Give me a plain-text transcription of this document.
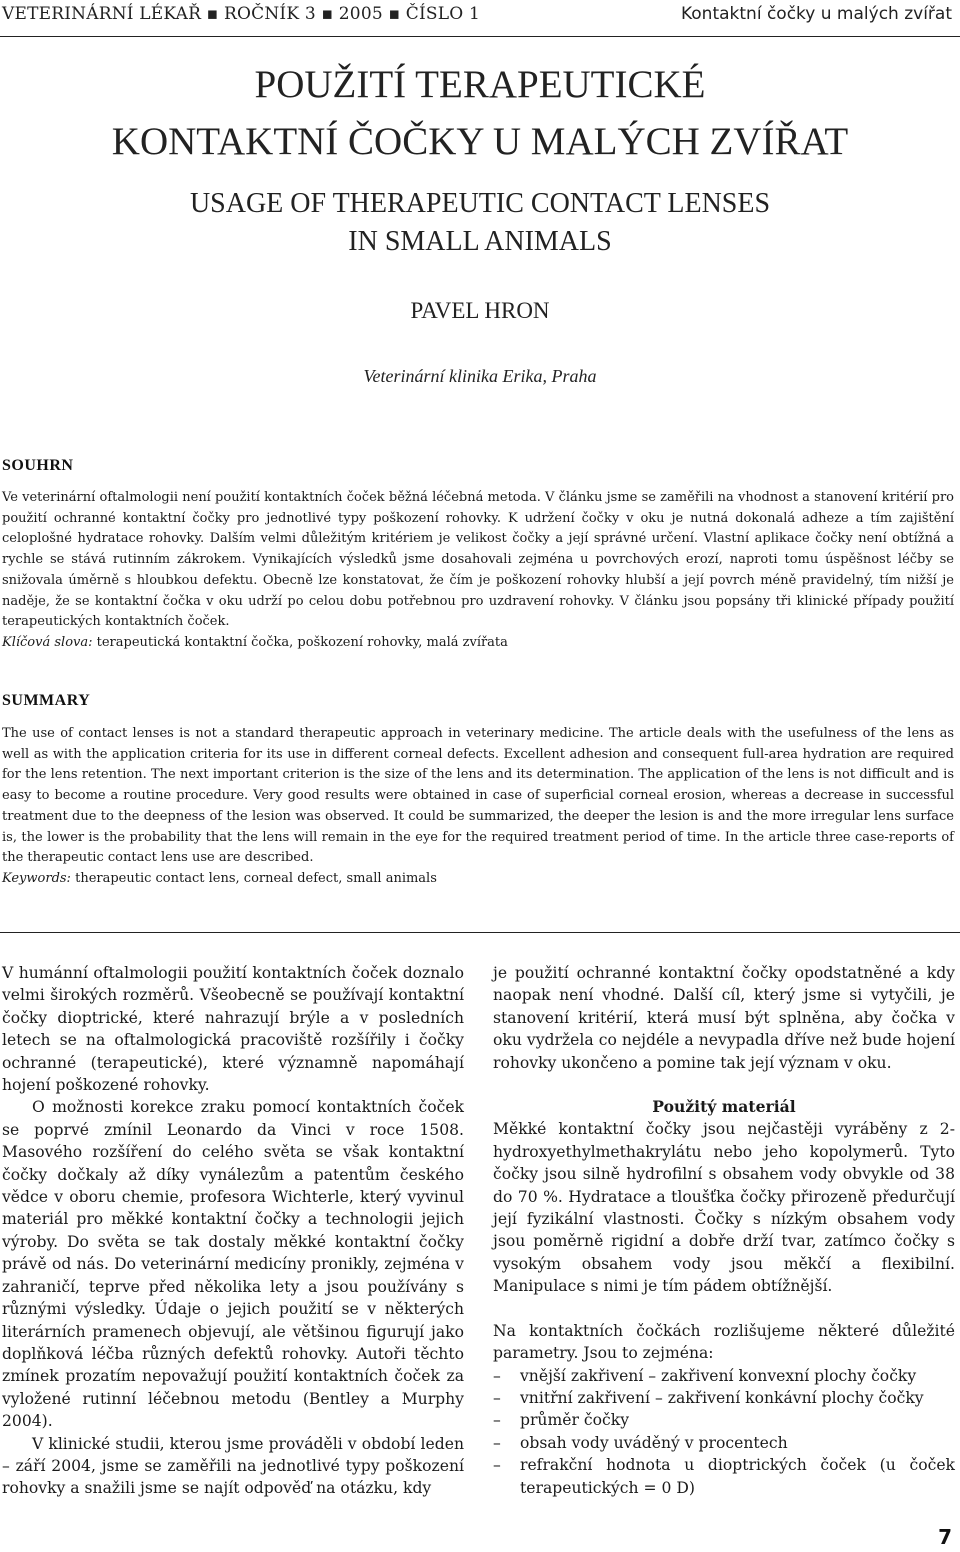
VETERINÁRNÍ LÉKAŘ ▪ ROČNÍK 3 ▪ 2005 ▪ ČÍSLO 1	Kontaktní čočky u malých zvířat
POUŽITÍ TERAPEUTICKÉ
KONTAKTNÍ ČOČKY U MALÝCH ZVÍŘAT
USAGE OF THERAPEUTIC CONTACT LENSES
IN SMALL ANIMALS
PAVEL HRON
Veterinární klinika Erika, Praha
SOUHRN

Ve veterinární oftalmologii není použití kontaktních čoček běžná léčebná metoda. V článku jsme se zaměřili na vhodnost a stanovení kritérií pro použití ochranné kontaktní čočky pro jednotlivé typy poškození rohovky. K udržení čočky v oku je nutná dokonalá adheze a tím zajištění celoplošné hydratace rohovky. Dalším velmi důležitým kritériem je velikost čočky a její správné určení. Vlastní aplikace čočky není obtížná a rychle se stává rutinním zákrokem. Vynikajících výsledků jsme dosahovali zejména u povrchových erozí, naproti tomu úspěšnost léčby se snižovala úměrně s hloubkou defektu. Obecně lze konstatovat, že čím je poškození rohovky hlubší a její povrch méně pravidelný, tím nižší je naděje, že se kontaktní čočka v oku udrží po celou dobu potřebnou pro uzdravení rohovky. V článku jsou popsány tři klinické případy použití terapeutických kontaktních čoček.

Klíčová slova: terapeutická kontaktní čočka, poškození rohovky, malá zvířata

SUMMARY

The use of contact lenses is not a standard therapeutic approach in veterinary medicine. The article deals with the usefulness of the lens as well as with the application criteria for its use in different corneal defects. Excellent adhesion and consequent full-area hydration are required for the lens retention. The next important criterion is the size of the lens and its determination. The application of the lens is not difficult and is easy to become a routine procedure. Very good results were obtained in case of superficial corneal erosion, whereas a decrease in successful treatment due to the deepness of the lesion was observed. It could be summarized, the deeper the lesion is and the more irregular lens surface is, the lower is the probability that the lens will remain in the eye for the required treatment period of time. In the article three case-reports of the therapeutic contact lens use are described.

Keywords: therapeutic contact lens, corneal defect, small animals

V humánní oftalmologii použití kontaktních čoček doznalo velmi širokých rozměrů. Všeobecně se používají kontaktní čočky dioptrické, které nahrazují brýle a v posledních letech se na oftalmologická pracoviště rozšířily i čočky ochranné (terapeutické), které významně napomáhají hojení poškozené rohovky.

O možnosti korekce zraku pomocí kontaktních čoček se poprvé zmínil Leonardo da Vinci v roce 1508. Masového rozšíření do celého světa se však kontaktní čočky dočkaly až díky vynálezům a patentům českého vědce v oboru chemie, profesora Wichterle, který vyvinul materiál pro měkké kontaktní čočky a technologii jejich výroby. Do světa se tak dostaly měkké kontaktní čočky právě od nás. Do veterinární medicíny pronikly, zejména v zahraničí, teprve před několika lety a jsou používány s různými výsledky. Údaje o jejich použití se v některých literárních pramenech objevují, ale většinou figurují jako doplňková léčba různých defektů rohovky. Autoři těchto zmínek prozatím nepovažují použití kontaktních čoček za vyložené rutinní léčebnou metodu (Bentley a Murphy 2004).

V klinické studii, kterou jsme prováděli v období leden – září 2004, jsme se zaměřili na jednotlivé typy poškození rohovky a snažili jsme se najít odpověď na otázku, kdy

je použití ochranné kontaktní čočky opodstatněné a kdy naopak není vhodné. Další cíl, který jsme si vytyčili, je stanovení kritérií, která musí být splněna, aby čočka v oku vydržela co nejdéle a nevypadla dříve než bude hojení rohovky ukončeno a pomine tak její význam v oku.

Použitý materiál

Měkké kontaktní čočky jsou nejčastěji vyráběny z 2-hydroxyethylmethakrylátu nebo jeho kopolymerů. Tyto čočky jsou silně hydrofilní s obsahem vody obvykle od 38 do 70 %. Hydratace a tloušťka čočky přirozeně předurčují její fyzikální vlastnosti. Čočky s nízkým obsahem vody jsou poměrně rigidní a dobře drží tvar, zatímco čočky s vysokým obsahem vody jsou měkčí a flexibilní. Manipulace s nimi je tím pádem obtížnější.

Na kontaktních čočkách rozlišujeme některé důležité parametry. Jsou to zejména:

– vnější zakřivení – zakřivení konvexní plochy čočky
– vnitřní zakřivení – zakřivení konkávní plochy čočky
– průměr čočky
– obsah vody uváděný v procentech
– refrakční hodnota u dioptrických čoček (u čoček terapeutických = 0 D)
7
